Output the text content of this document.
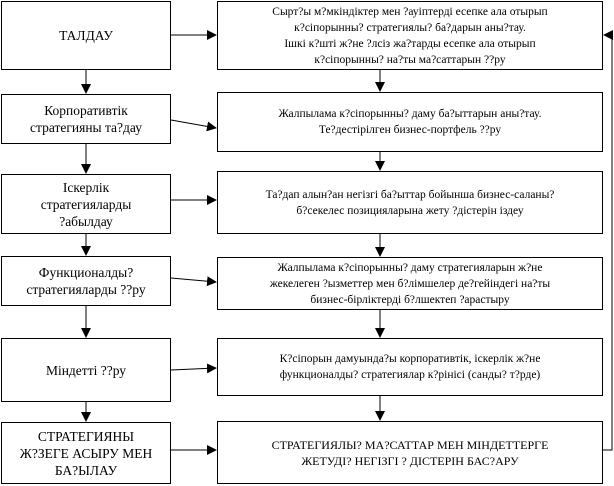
ТАЛДАУ
Корпоративтік
стратегияны та?дау
Іскерлік
стратегияларды
?абылдау
Функционалды?
стратегияларды ??ру
Міндетті ??ру
СТРАТЕГИЯНЫ
Ж?ЗЕГЕ АСЫРУ МЕН
БА?ЫЛАУ
Сырт?ы м?мкіндіктер мен ?ауіптерді есепке ала отырып
к?сіпорынны? стратегиялы? ба?дарын аны?тау.
Ішкі к?шті ж?не ?лсіз жа?тарды есепке ала отырып
к?сіпорынны? на?ты ма?саттарын ??ру
Жалпылама к?сіпорынны? даму ба?ыттарын аны?тау.
Те?дестірілген бизнес-портфель ??ру
Та?дап алын?ан негізгі ба?ыттар бойынша бизнес-саланы?
б?секелес позицияларына жету ?дістерін іздеу
Жалпылама к?сіпорынны? даму стратегияларын ж?не
жекелеген ?ызметтер мен б?лімшелер де?гейіндегі на?ты
бизнес-бірліктерді б?лшектеп ?арастыру
К?сіпорын дамуында?ы корпоративтік, іскерлік ж?не
функционалды? стратегиялар к?рінісі (санды? т?рде)
СТРАТЕГИЯЛЫ? МА?САТТАР МЕН МІНДЕТТЕРГЕ
ЖЕТУДІ? НЕГІЗГІ ? ДІСТЕРІН БАС?АРУ
